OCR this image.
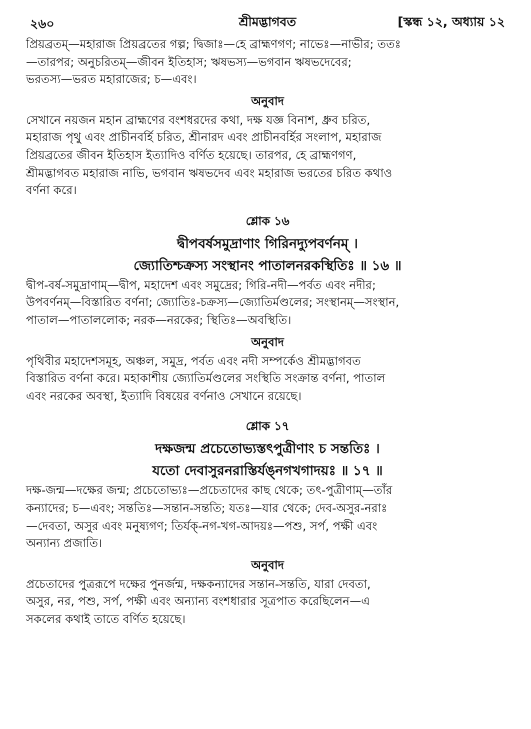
২৬০	শ্রীমদ্ভাগবত	[স্কন্ধ ১২, অধ্যায় ১২

প্রিয়ব্রতম্—মহারাজ প্রিয়ব্রতের গল্প; দ্বিজাঃ—হে ব্রাহ্মণগণ; নাভেঃ—নাভীর; ততঃ

—তারপর; অনুচরিতম্—জীবন ইতিহাস; ঋষভস্য—ভগবান ঋষভদেবের;

ভরতস্য—ভরত মহারাজের; চ—এবং।

অনুবাদ

সেখানে নয়জন মহান ব্রাহ্মণের বংশধরদের কথা, দক্ষ যজ্ঞ বিনাশ, ধ্রুব চরিত,

মহারাজ পৃথু এবং প্রাচীনবর্হি চরিত, শ্রীনারদ এবং প্রাচীনবর্হির সংলাপ, মহারাজ

প্রিয়ব্রতের জীবন ইতিহাস ইত্যাদিও বর্ণিত হয়েছে। তারপর, হে ব্রাহ্মণগণ,

শ্রীমদ্ভাগবত মহারাজ নাভি, ভগবান ঋষভদেব এবং মহারাজ ভরতের চরিত কথাও

বর্ণনা করে।

শ্লোক ১৬

দ্বীপবর্ষসমুদ্রাণাং গিরিনদ্যুপবর্ণনম্ ।

জ্যোতিশ্চক্রস্য সংস্থানং পাতালনরকস্থিতিঃ ॥ ১৬ ॥

দ্বীপ-বর্ষ-সমুদ্রাণাম্—দ্বীপ, মহাদেশ এবং সমুদ্রের; গিরি-নদী—পর্বত এবং নদীর;

উপবর্ণনম্—বিস্তারিত বর্ণনা; জ্যোতিঃ-চক্রস্য—জ্যোতির্মণ্ডলের; সংস্থানম্—সংস্থান,

পাতাল—পাতাললোক; নরক—নরকের; স্থিতিঃ—অবস্থিতি।

অনুবাদ

পৃথিবীর মহাদেশসমূহ, অঞ্চল, সমুদ্র, পর্বত এবং নদী সম্পর্কেও শ্রীমদ্ভাগবত

বিস্তারিত বর্ণনা করে। মহাকাশীয় জ্যোতির্মণ্ডলের সংস্থিতি সংক্রান্ত বর্ণনা, পাতাল

এবং নরকের অবস্থা, ইত্যাদি বিষয়ের বর্ণনাও সেখানে রয়েছে।

শ্লোক ১৭

দক্ষজন্ম প্রচেতোভ্যস্তৎপুত্রীণাং চ সন্ততিঃ ।

যতো দেবাসুরনরাস্তির্যঙ্নগখগাদয়ঃ ॥ ১৭ ॥

দক্ষ-জন্ম—দক্ষের জন্ম; প্রচেতোভ্যঃ—প্রচেতাদের কাছ থেকে; তৎ-পুত্রীণাম্—তাঁর

কন্যাদের; চ—এবং; সন্ততিঃ—সন্তান-সন্ততি; যতঃ—যার থেকে; দেব-অসুর-নরাঃ

—দেবতা, অসুর এবং মনুষ্যগণ; তির্যক্-নগ-খগ-আদয়ঃ—পশু, সর্প, পক্ষী এবং

অন্যান্য প্রজাতি।

অনুবাদ

প্রচেতাদের পুত্ররূপে দক্ষের পুনর্জন্ম, দক্ষকন্যাদের সন্তান-সন্ততি, যারা দেবতা,

অসুর, নর, পশু, সর্প, পক্ষী এবং অন্যান্য বংশধারার সূত্রপাত করেছিলেন—এ

সকলের কথাই তাতে বর্ণিত হয়েছে।
